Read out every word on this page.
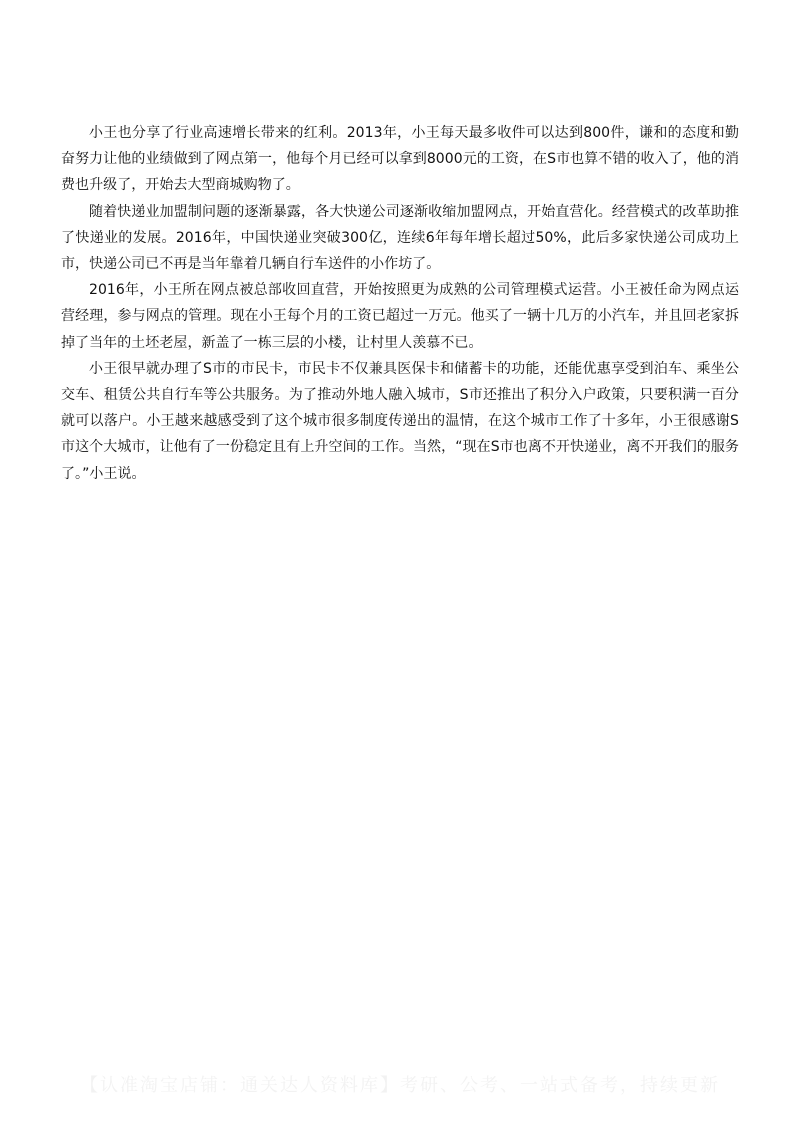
小王也分享了行业高速增长带来的红利。2013年，小王每天最多收件可以达到800件，谦和的态度和勤奋努力让他的业绩做到了网点第一，他每个月已经可以拿到8000元的工资，在S市也算不错的收入了，他的消费也升级了，开始去大型商城购物了。

随着快递业加盟制问题的逐渐暴露，各大快递公司逐渐收缩加盟网点，开始直营化。经营模式的改革助推了快递业的发展。2016年，中国快递业突破300亿，连续6年每年增长超过50%，此后多家快递公司成功上市，快递公司已不再是当年靠着几辆自行车送件的小作坊了。

2016年，小王所在网点被总部收回直营，开始按照更为成熟的公司管理模式运营。小王被任命为网点运营经理，参与网点的管理。现在小王每个月的工资已超过一万元。他买了一辆十几万的小汽车，并且回老家拆掉了当年的土坯老屋，新盖了一栋三层的小楼，让村里人羡慕不已。

小王很早就办理了S市的市民卡，市民卡不仅兼具医保卡和储蓄卡的功能，还能优惠享受到泊车、乘坐公交车、租赁公共自行车等公共服务。为了推动外地人融入城市，S市还推出了积分入户政策，只要积满一百分就可以落户。小王越来越感受到了这个城市很多制度传递出的温情，在这个城市工作了十多年，小王很感谢S市这个大城市，让他有了一份稳定且有上升空间的工作。当然，“现在S市也离不开快递业，离不开我们的服务了。”小王说。

【认准淘宝店铺：通关达人资料库】考研、公考、一站式备考，持续更新
